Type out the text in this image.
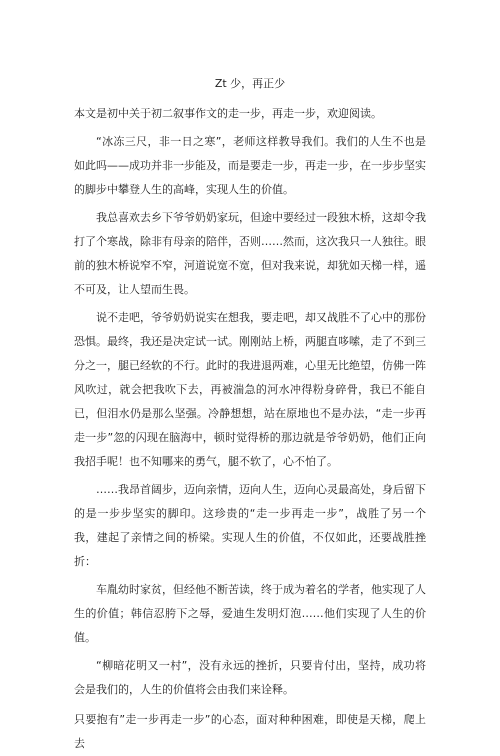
Zt 少，再正少

本文是初中关于初二叙事作文的走一步，再走一步，欢迎阅读。

“冰冻三尺，非一日之寒”，老师这样教导我们。我们的人生不也是如此吗——成功并非一步能及，而是要走一步，再走一步，在一步步坚实的脚步中攀登人生的高峰，实现人生的价值。

我总喜欢去乡下爷爷奶奶家玩，但途中要经过一段独木桥，这却令我打了个寒战，除非有母亲的陪伴，否则……然而，这次我只一人独往。眼前的独木桥说窄不窄，河道说宽不宽，但对我来说，却犹如天梯一样，遥不可及，让人望而生畏。

说不走吧，爷爷奶奶说实在想我，要走吧，却又战胜不了心中的那份恐惧。最终，我还是决定试一试。刚刚站上桥，两腿直哆嗦，走了不到三分之一，腿已经软的不行。此时的我进退两难，心里无比绝望，仿佛一阵风吹过，就会把我吹下去，再被湍急的河水冲得粉身碎骨，我已不能自已，但泪水仍是那么坚强。冷静想想，站在原地也不是办法，“走一步再走一步”忽的闪现在脑海中，顿时觉得桥的那边就是爷爷奶奶，他们正向我招手呢！也不知哪来的勇气，腿不软了，心不怕了。

……我昂首阔步，迈向亲情，迈向人生，迈向心灵最高处，身后留下的是一步步坚实的脚印。这珍贵的“走一步再走一步”，战胜了另一个我，建起了亲情之间的桥梁。实现人生的价值，不仅如此，还要战胜挫折：

车胤幼时家贫，但经他不断苦读，终于成为着名的学者，他实现了人生的价值；韩信忍胯下之辱，爱迪生发明灯泡……他们实现了人生的价值。

“柳暗花明又一村”，没有永远的挫折，只要肯付出，坚持，成功将会是我们的，人生的价值将会由我们来诠释。

只要抱有”走一步再走一步”的心态，面对种种困难，即使是天梯，爬上去
